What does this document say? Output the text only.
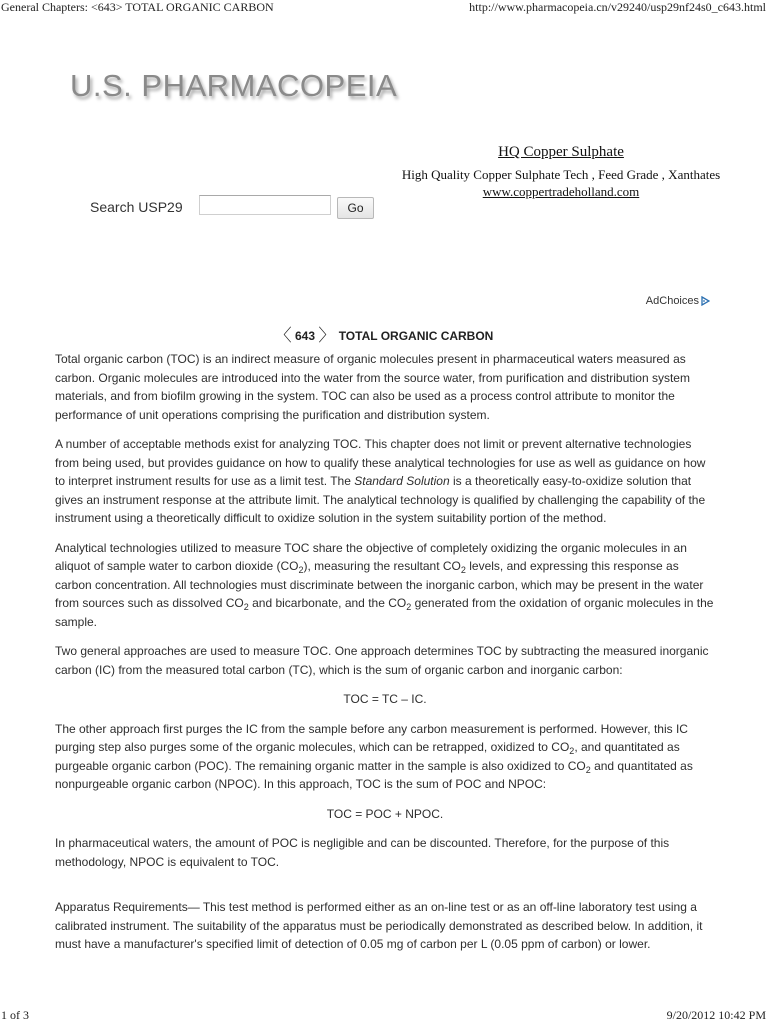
General Chapters: <643> TOTAL ORGANIC CARBON	http://www.pharmacopeia.cn/v29240/usp29nf24s0_c643.html
U.S. PHARMACOPEIA
Search USP29	Go
HQ Copper Sulphate
High Quality Copper Sulphate Tech , Feed Grade , Xanthates
www.coppertradeholland.com
AdChoices
〈 643 〉 TOTAL ORGANIC CARBON

Total organic carbon (TOC) is an indirect measure of organic molecules present in pharmaceutical waters measured as carbon. Organic molecules are introduced into the water from the source water, from purification and distribution system materials, and from biofilm growing in the system. TOC can also be used as a process control attribute to monitor the performance of unit operations comprising the purification and distribution system.

A number of acceptable methods exist for analyzing TOC. This chapter does not limit or prevent alternative technologies from being used, but provides guidance on how to qualify these analytical technologies for use as well as guidance on how to interpret instrument results for use as a limit test. The Standard Solution is a theoretically easy-to-oxidize solution that gives an instrument response at the attribute limit. The analytical technology is qualified by challenging the capability of the instrument using a theoretically difficult to oxidize solution in the system suitability portion of the method.

Analytical technologies utilized to measure TOC share the objective of completely oxidizing the organic molecules in an aliquot of sample water to carbon dioxide $(CO_2)$, measuring the resultant $CO_2$ levels, and expressing this response as carbon concentration. All technologies must discriminate between the inorganic carbon, which may be present in the water from sources such as dissolved $CO_2$ and bicarbonate, and the $CO_2$ generated from the oxidation of organic molecules in the sample.

Two general approaches are used to measure TOC. One approach determines TOC by subtracting the measured inorganic carbon (IC) from the measured total carbon (TC), which is the sum of organic carbon and inorganic carbon:

TOC = TC – IC.

The other approach first purges the IC from the sample before any carbon measurement is performed. However, this IC purging step also purges some of the organic molecules, which can be retrapped, oxidized to $CO_2$, and quantitated as purgeable organic carbon (POC). The remaining organic matter in the sample is also oxidized to $CO_2$ and quantitated as nonpurgeable organic carbon (NPOC). In this approach, TOC is the sum of POC and NPOC:

TOC = POC + NPOC.

In pharmaceutical waters, the amount of POC is negligible and can be discounted. Therefore, for the purpose of this methodology, NPOC is equivalent to TOC.

Apparatus Requirements— This test method is performed either as an on-line test or as an off-line laboratory test using a calibrated instrument. The suitability of the apparatus must be periodically demonstrated as described below. In addition, it must have a manufacturer's specified limit of detection of 0.05 mg of carbon per L (0.05 ppm of carbon) or lower.

1 of 3	9/20/2012 10:42 PM
